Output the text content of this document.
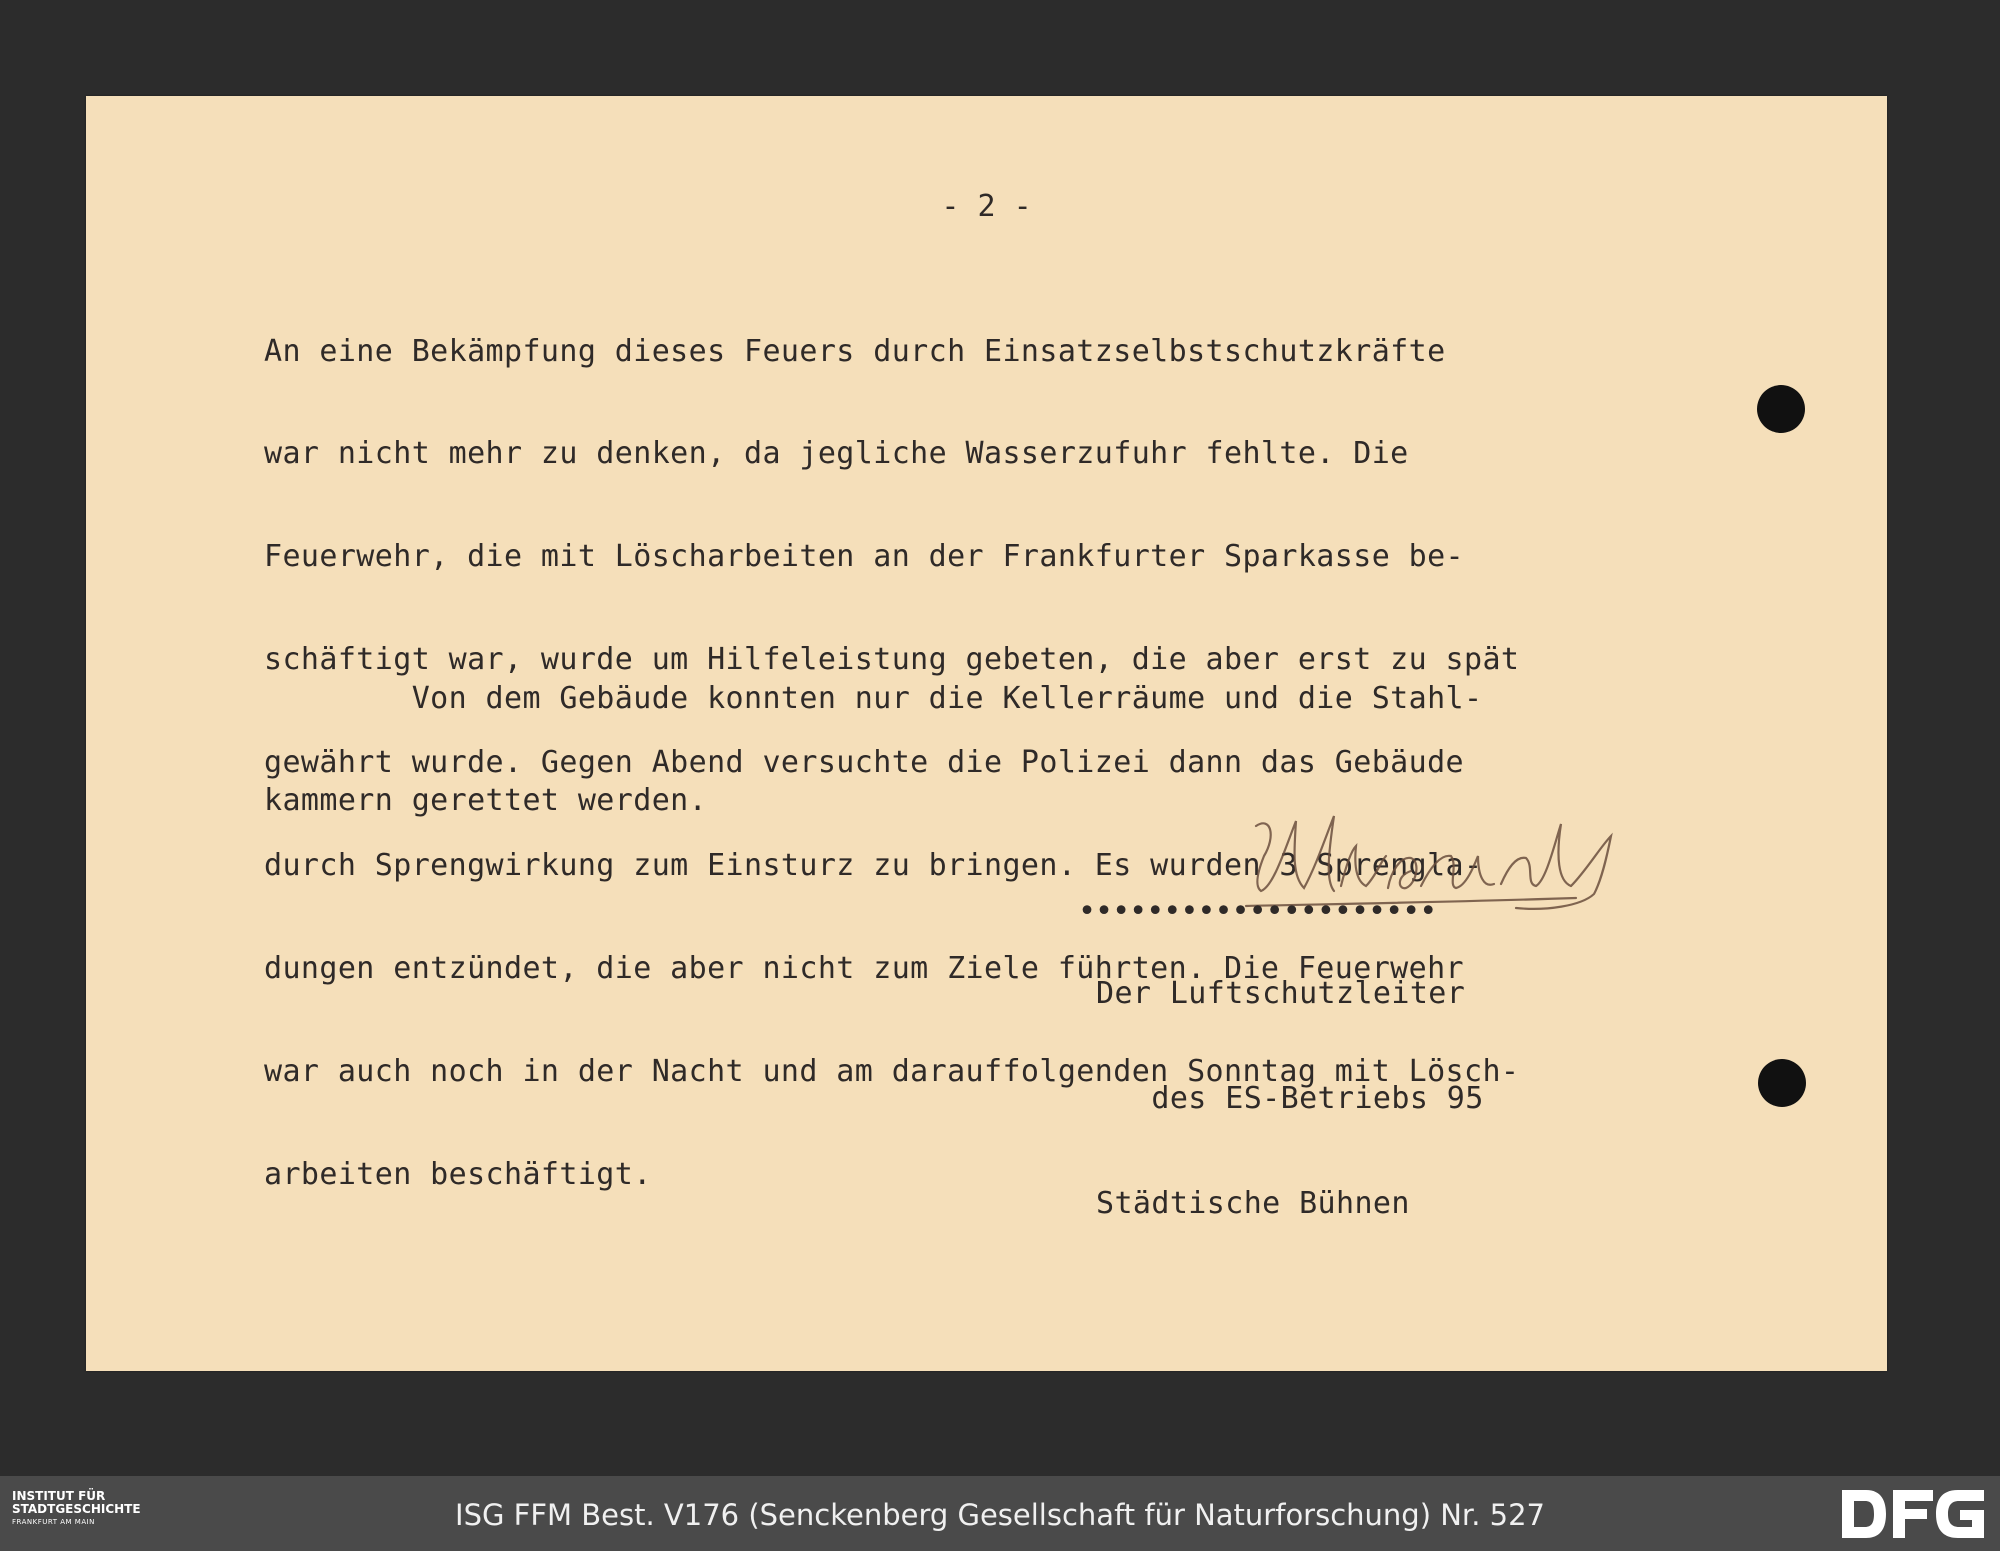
- 2 -

An eine Bekämpfung dieses Feuers durch Einsatzselbstschutzkräfte

war nicht mehr zu denken, da jegliche Wasserzufuhr fehlte. Die

Feuerwehr, die mit Löscharbeiten an der Frankfurter Sparkasse be-

schäftigt war, wurde um Hilfeleistung gebeten, die aber erst zu spät

gewährt wurde. Gegen Abend versuchte die Polizei dann das Gebäude

durch Sprengwirkung zum Einsturz zu bringen. Es wurden 3 Sprengla-

dungen entzündet, die aber nicht zum Ziele führten. Die Feuerwehr

war auch noch in der Nacht und am darauffolgenden Sonntag mit Lösch-

arbeiten beschäftigt.

Von dem Gebäude konnten nur die Kellerräume und die Stahl-

kammern gerettet werden.

•••••••••••••••••••••

Der Luftschutzleiter

des ES-Betriebs 95

Städtische Bühnen

INSTITUT FÜR
STADTGESCHICHTE
FRANKFURT AM MAIN	ISG FFM Best. V176 (Senckenberg Gesellschaft für Naturforschung) Nr. 527
